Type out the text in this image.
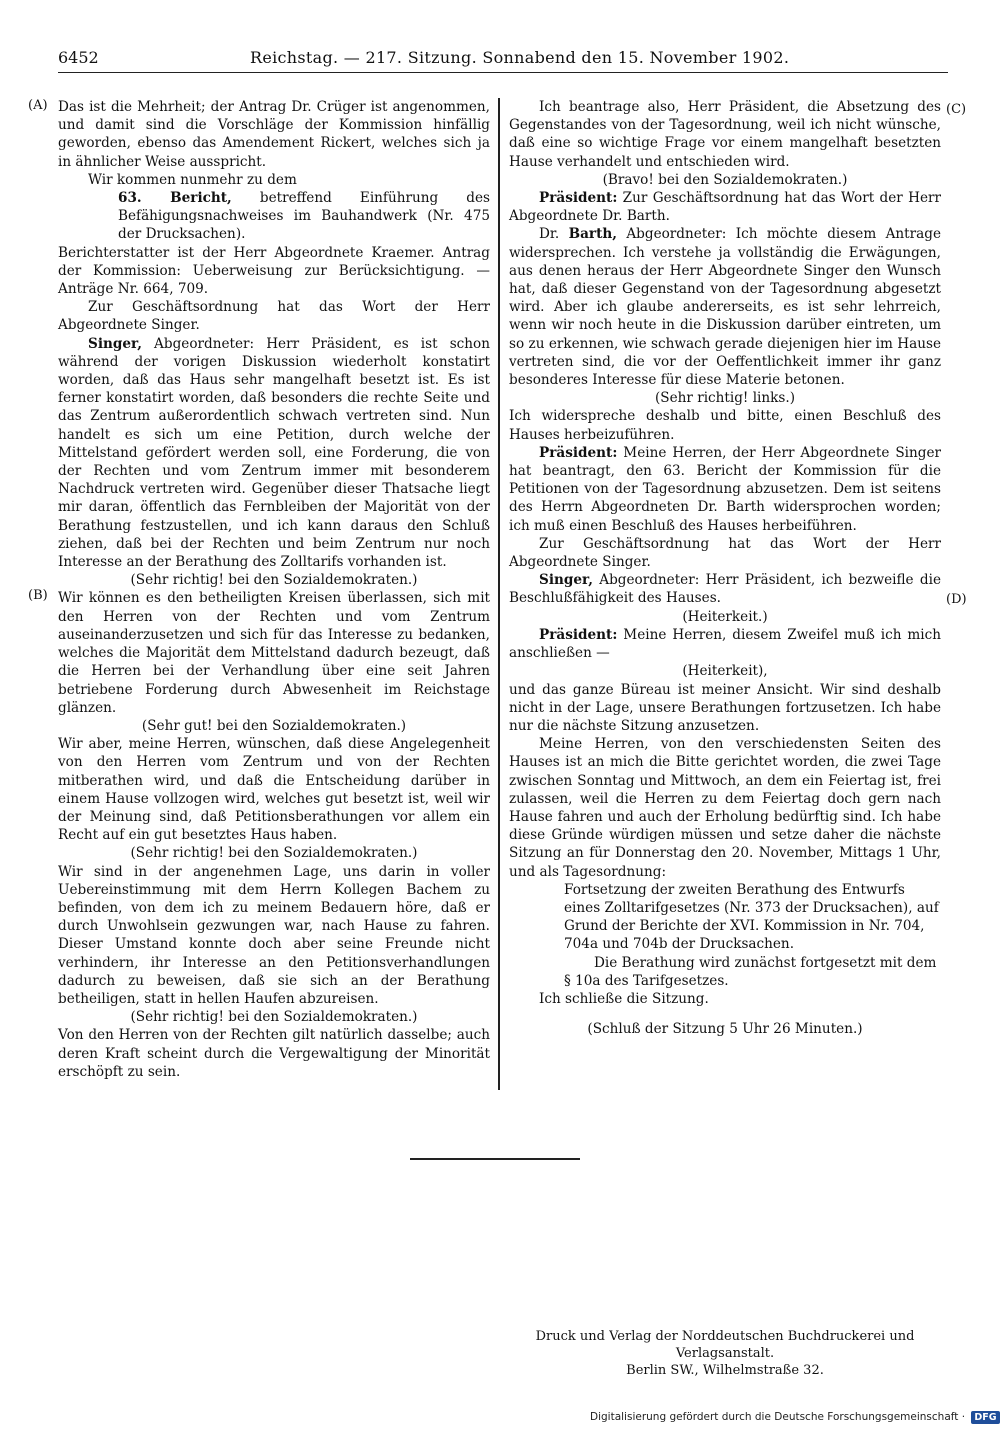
6452	Reichstag. — 217. Sitzung. Sonnabend den 15. November 1902.
(A)
(B)
(C)
(D)

Das ist die Mehrheit; der Antrag Dr. Crüger ist angenommen, und damit sind die Vorschläge der Kommission hinfällig geworden, ebenso das Amendement Rickert, welches sich ja in ähnlicher Weise ausspricht.

Wir kommen nunmehr zu dem

63. Bericht, betreffend Einführung des Befähigungsnachweises im Bauhandwerk (Nr. 475 der Drucksachen).

Berichterstatter ist der Herr Abgeordnete Kraemer. Antrag der Kommission: Ueberweisung zur Berücksichtigung. — Anträge Nr. 664, 709.

Zur Geschäftsordnung hat das Wort der Herr Abgeordnete Singer.

Singer, Abgeordneter: Herr Präsident, es ist schon während der vorigen Diskussion wiederholt konstatirt worden, daß das Haus sehr mangelhaft besetzt ist. Es ist ferner konstatirt worden, daß besonders die rechte Seite und das Zentrum außerordentlich schwach vertreten sind. Nun handelt es sich um eine Petition, durch welche der Mittelstand gefördert werden soll, eine Forderung, die von der Rechten und vom Zentrum immer mit besonderem Nachdruck vertreten wird. Gegenüber dieser Thatsache liegt mir daran, öffentlich das Fernbleiben der Majorität von der Berathung festzustellen, und ich kann daraus den Schluß ziehen, daß bei der Rechten und beim Zentrum nur noch Interesse an der Berathung des Zolltarifs vorhanden ist.

(Sehr richtig! bei den Sozialdemokraten.)

Wir können es den betheiligten Kreisen überlassen, sich mit den Herren von der Rechten und vom Zentrum auseinanderzusetzen und sich für das Interesse zu bedanken, welches die Majorität dem Mittelstand dadurch bezeugt, daß die Herren bei der Verhandlung über eine seit Jahren betriebene Forderung durch Abwesenheit im Reichstage glänzen.

(Sehr gut! bei den Sozialdemokraten.)

Wir aber, meine Herren, wünschen, daß diese Angelegenheit von den Herren vom Zentrum und von der Rechten mitberathen wird, und daß die Entscheidung darüber in einem Hause vollzogen wird, welches gut besetzt ist, weil wir der Meinung sind, daß Petitionsberathungen vor allem ein Recht auf ein gut besetztes Haus haben.

(Sehr richtig! bei den Sozialdemokraten.)

Wir sind in der angenehmen Lage, uns darin in voller Uebereinstimmung mit dem Herrn Kollegen Bachem zu befinden, von dem ich zu meinem Bedauern höre, daß er durch Unwohlsein gezwungen war, nach Hause zu fahren. Dieser Umstand konnte doch aber seine Freunde nicht verhindern, ihr Interesse an den Petitionsverhandlungen dadurch zu beweisen, daß sie sich an der Berathung betheiligen, statt in hellen Haufen abzureisen.

(Sehr richtig! bei den Sozialdemokraten.)

Von den Herren von der Rechten gilt natürlich dasselbe; auch deren Kraft scheint durch die Vergewaltigung der Minorität erschöpft zu sein.

Ich beantrage also, Herr Präsident, die Absetzung des Gegenstandes von der Tagesordnung, weil ich nicht wünsche, daß eine so wichtige Frage vor einem mangelhaft besetzten Hause verhandelt und entschieden wird.

(Bravo! bei den Sozialdemokraten.)

Präsident: Zur Geschäftsordnung hat das Wort der Herr Abgeordnete Dr. Barth.

Dr. Barth, Abgeordneter: Ich möchte diesem Antrage widersprechen. Ich verstehe ja vollständig die Erwägungen, aus denen heraus der Herr Abgeordnete Singer den Wunsch hat, daß dieser Gegenstand von der Tagesordnung abgesetzt wird. Aber ich glaube andererseits, es ist sehr lehrreich, wenn wir noch heute in die Diskussion darüber eintreten, um so zu erkennen, wie schwach gerade diejenigen hier im Hause vertreten sind, die vor der Oeffentlichkeit immer ihr ganz besonderes Interesse für diese Materie betonen.

(Sehr richtig! links.)

Ich widerspreche deshalb und bitte, einen Beschluß des Hauses herbeizuführen.

Präsident: Meine Herren, der Herr Abgeordnete Singer hat beantragt, den 63. Bericht der Kommission für die Petitionen von der Tagesordnung abzusetzen. Dem ist seitens des Herrn Abgeordneten Dr. Barth widersprochen worden; ich muß einen Beschluß des Hauses herbeiführen.

Zur Geschäftsordnung hat das Wort der Herr Abgeordnete Singer.

Singer, Abgeordneter: Herr Präsident, ich bezweifle die Beschlußfähigkeit des Hauses.

(Heiterkeit.)

Präsident: Meine Herren, diesem Zweifel muß ich mich anschließen —

(Heiterkeit),

und das ganze Büreau ist meiner Ansicht. Wir sind deshalb nicht in der Lage, unsere Berathungen fortzusetzen. Ich habe nur die nächste Sitzung anzusetzen.

Meine Herren, von den verschiedensten Seiten des Hauses ist an mich die Bitte gerichtet worden, die zwei Tage zwischen Sonntag und Mittwoch, an dem ein Feiertag ist, frei zulassen, weil die Herren zu dem Feiertag doch gern nach Hause fahren und auch der Erholung bedürftig sind. Ich habe diese Gründe würdigen müssen und setze daher die nächste Sitzung an für Donnerstag den 20. November, Mittags 1 Uhr, und als Tagesordnung:

Fortsetzung der zweiten Berathung des Entwurfs eines Zolltarifgesetzes (Nr. 373 der Drucksachen), auf Grund der Berichte der XVI. Kommission in Nr. 704, 704a und 704b der Drucksachen.

Die Berathung wird zunächst fortgesetzt mit dem § 10a des Tarifgesetzes.

Ich schließe die Sitzung.

(Schluß der Sitzung 5 Uhr 26 Minuten.)

Druck und Verlag der Norddeutschen Buchdruckerei und Verlagsanstalt.
Berlin SW., Wilhelmstraße 32.
Digitalisierung gefördert durch die Deutsche Forschungsgemeinschaft · DFG
